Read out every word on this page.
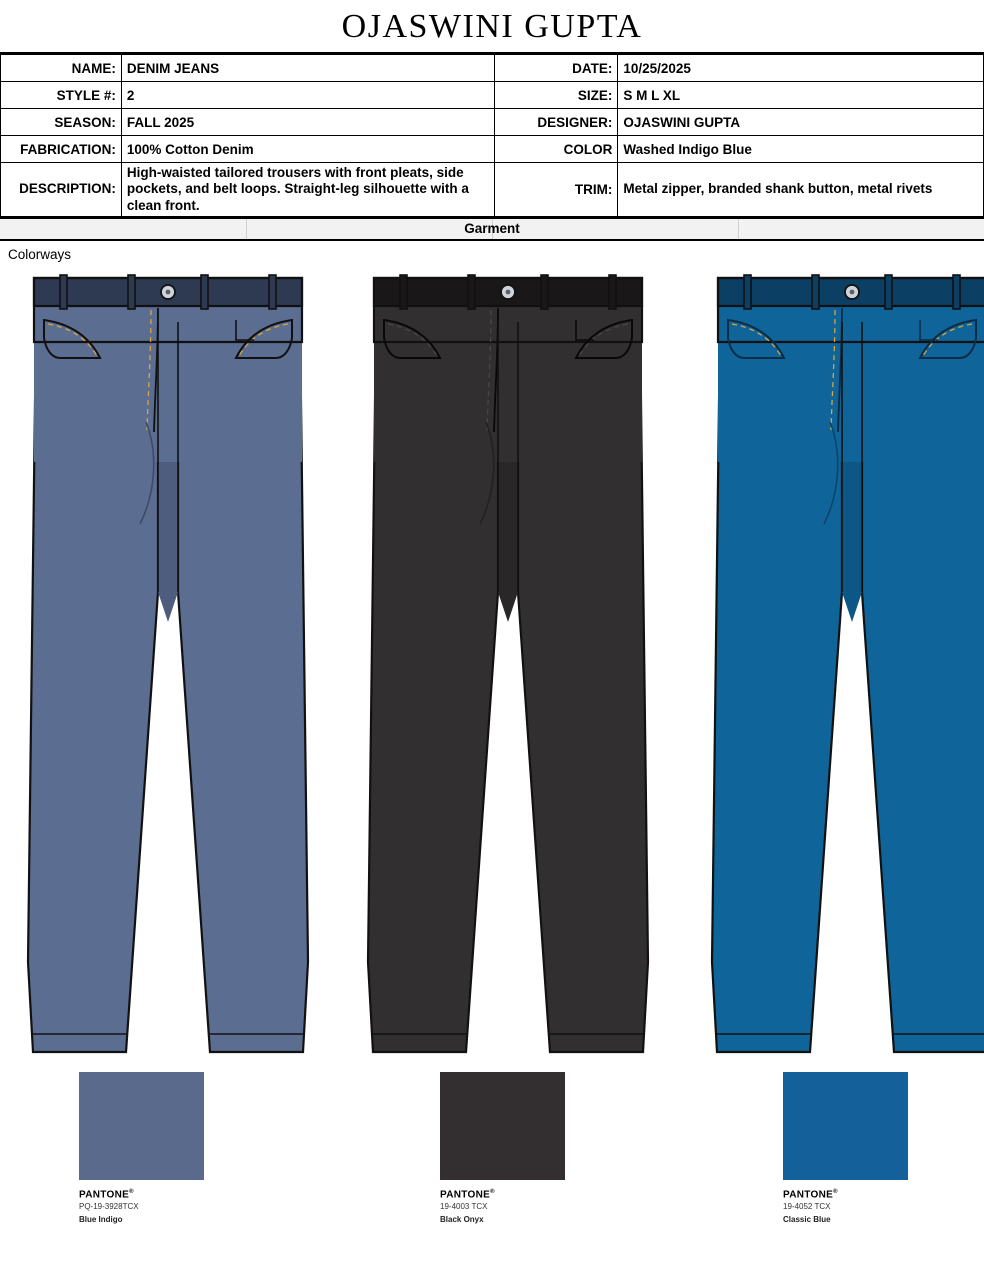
OJASWINI GUPTA
NAME:	DENIM JEANS	DATE:	10/25/2025
STYLE #:	2	SIZE:	S M L XL
SEASON:	FALL 2025	DESIGNER:	OJASWINI GUPTA
FABRICATION:	100% Cotton Denim	COLOR	Washed Indigo Blue
DESCRIPTION:	High-waisted tailored trousers with front pleats, side pockets, and belt loops. Straight-leg silhouette with a clean front.	TRIM:	Metal zipper, branded shank button, metal rivets
Garment
Colorways
PANTONE®
PQ-19-3928TCX
Blue Indigo
PANTONE®
19-4003 TCX
Black Onyx
PANTONE®
19-4052 TCX
Classic Blue
